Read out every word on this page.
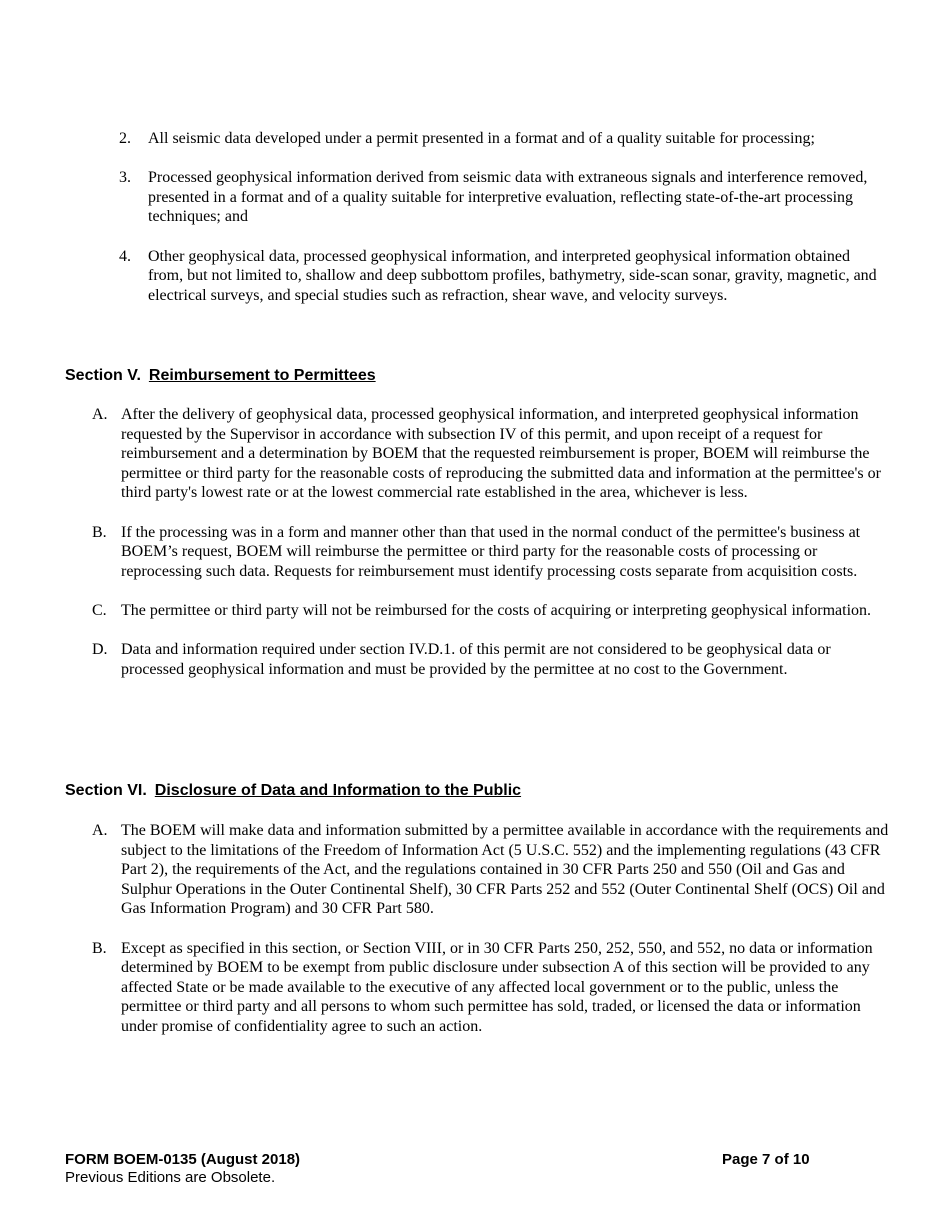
2.	All seismic data developed under a permit presented in a format and of a quality suitable for processing;
3.	Processed geophysical information derived from seismic data with extraneous signals and interference removed, presented in a format and of a quality suitable for interpretive evaluation, reflecting state-of-the-art processing techniques; and
4.	Other geophysical data, processed geophysical information, and interpreted geophysical information obtained from, but not limited to, shallow and deep subbottom profiles, bathymetry, side-scan sonar, gravity, magnetic, and electrical surveys, and special studies such as refraction, shear wave, and velocity surveys.
Section V. Reimbursement to Permittees
A. After the delivery of geophysical data, processed geophysical information, and interpreted geophysical information requested by the Supervisor in accordance with subsection IV of this permit, and upon receipt of a request for reimbursement and a determination by BOEM that the requested reimbursement is proper, BOEM will reimburse the permittee or third party for the reasonable costs of reproducing the submitted data and information at the permittee's or third party's lowest rate or at the lowest commercial rate established in the area, whichever is less.
B. If the processing was in a form and manner other than that used in the normal conduct of the permittee's business at BOEM’s request, BOEM will reimburse the permittee or third party for the reasonable costs of processing or reprocessing such data. Requests for reimbursement must identify processing costs separate from acquisition costs.
C. The permittee or third party will not be reimbursed for the costs of acquiring or interpreting geophysical information.
D. Data and information required under section IV.D.1. of this permit are not considered to be geophysical data or processed geophysical information and must be provided by the permittee at no cost to the Government.
Section VI. Disclosure of Data and Information to the Public
A. The BOEM will make data and information submitted by a permittee available in accordance with the requirements and subject to the limitations of the Freedom of Information Act (5 U.S.C. 552) and the implementing regulations (43 CFR Part 2), the requirements of the Act, and the regulations contained in 30 CFR Parts 250 and 550 (Oil and Gas and Sulphur Operations in the Outer Continental Shelf), 30 CFR Parts 252 and 552 (Outer Continental Shelf (OCS) Oil and Gas Information Program) and 30 CFR Part 580.
B. Except as specified in this section, or Section VIII, or in 30 CFR Parts 250, 252, 550, and 552, no data or information determined by BOEM to be exempt from public disclosure under subsection A of this section will be provided to any affected State or be made available to the executive of any affected local government or to the public, unless the permittee or third party and all persons to whom such permittee has sold, traded, or licensed the data or information under promise of confidentiality agree to such an action.
FORM BOEM-0135 (August 2018)	Page 7 of 10
Previous Editions are Obsolete.
